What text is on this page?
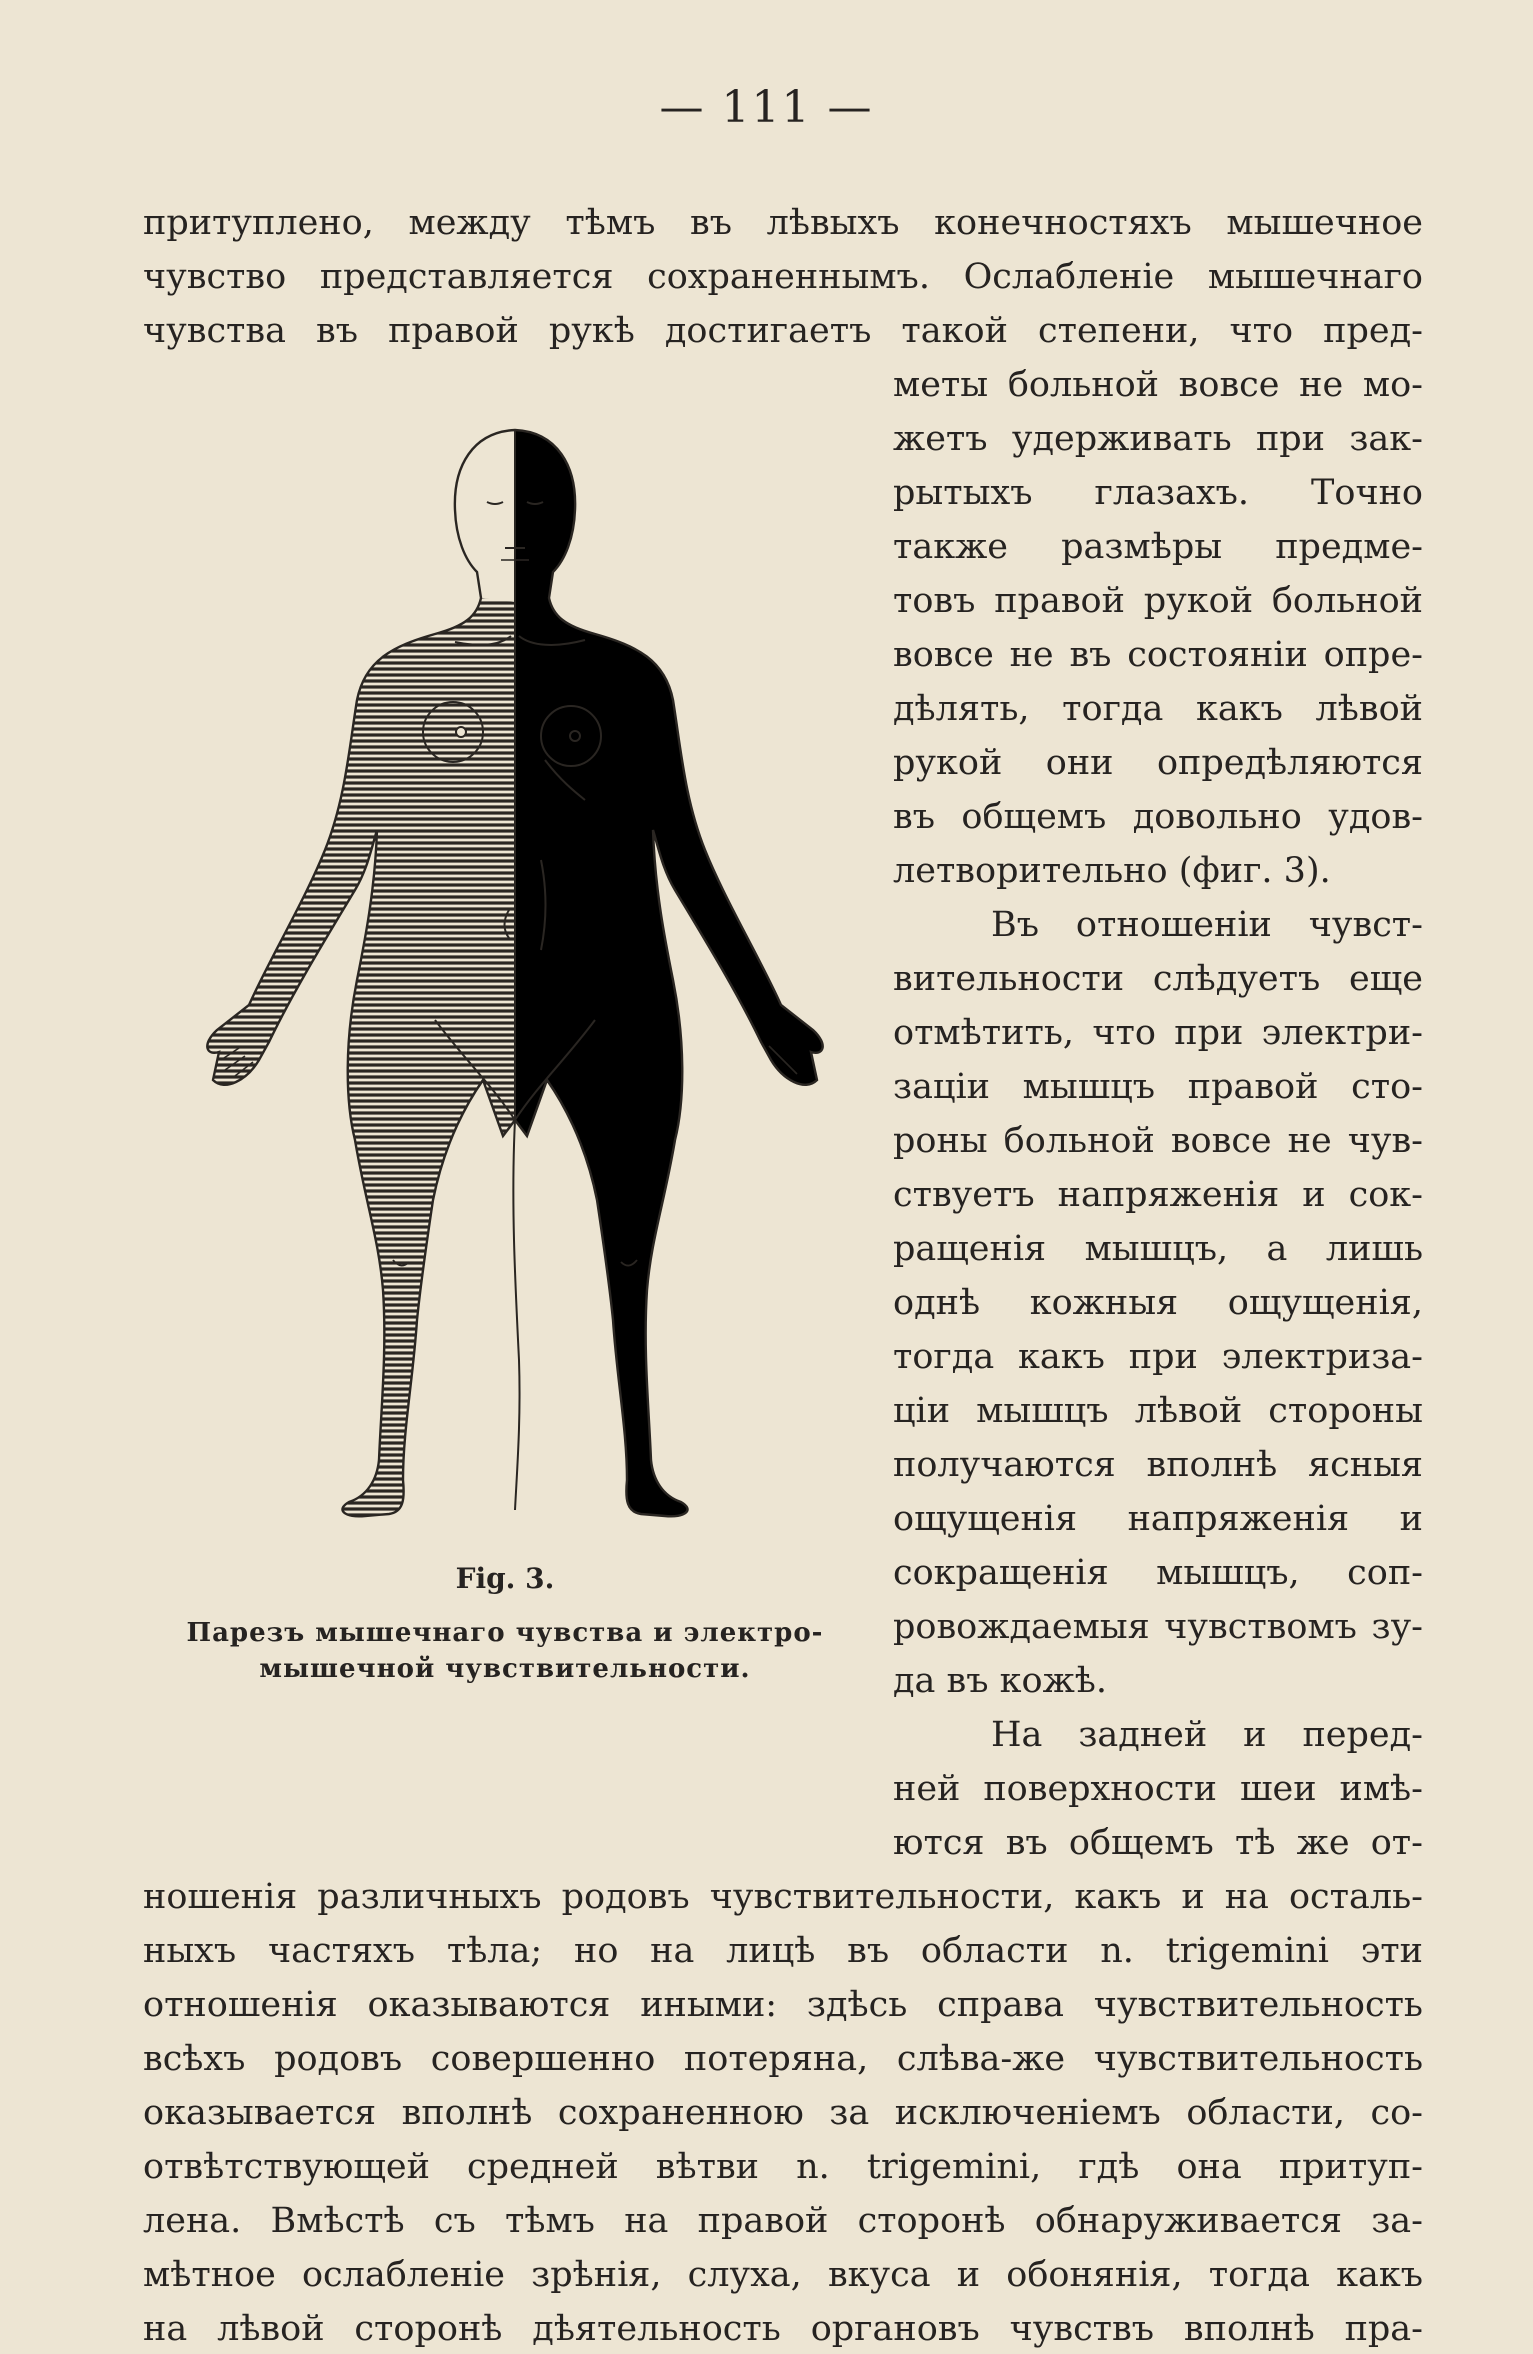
— 111 —

притуплено, между тѣмъ въ лѣвыхъ конечностяхъ мышечное

чувство представляется сохраненнымъ. Ослабленіе мышечнаго

чувства въ правой рукѣ достигаетъ такой степени, что пред-

меты больной вовсе не мо-

жетъ удерживать при зак-

рытыхъ глазахъ. Точно

также размѣры предме-

товъ правой рукой больной

вовсе не въ состояніи опре-

дѣлять, тогда какъ лѣвой

рукой они опредѣляются

въ общемъ довольно удов-

летворительно (фиг. 3).

Въ отношеніи чувст-

вительности слѣдуетъ еще

отмѣтить, что при электри-

заціи мышцъ правой сто-

роны больной вовсе не чув-

ствуетъ напряженія и сок-

ращенія мышцъ, а лишь

однѣ кожныя ощущенія,

тогда какъ при электриза-

ціи мышцъ лѣвой стороны

получаются вполнѣ ясныя

ощущенія напряженія и

сокращенія мышцъ, соп-

ровождаемыя чувствомъ зу-

да въ кожѣ.

На задней и перед-

ней поверхности шеи имѣ-

ются въ общемъ тѣ же от-

ношенія различныхъ родовъ чувствительности, какъ и на осталь-

ныхъ частяхъ тѣла; но на лицѣ въ области n. trigemini эти

отношенія оказываются иными: здѣсь справа чувствительность

всѣхъ родовъ совершенно потеряна, слѣва-же чувствительность

оказывается вполнѣ сохраненною за исключеніемъ области, со-

отвѣтствующей средней вѣтви n. trigemini, гдѣ она притуп-

лена. Вмѣстѣ съ тѣмъ на правой сторонѣ обнаруживается за-

мѣтное ослабленіе зрѣнія, слуха, вкуса и обонянія, тогда какъ

на лѣвой сторонѣ дѣятельность органовъ чувствъ вполнѣ пра-

Fig. 3.
Парезъ мышечнаго чувства и электро-
мышечной чувствительности.
